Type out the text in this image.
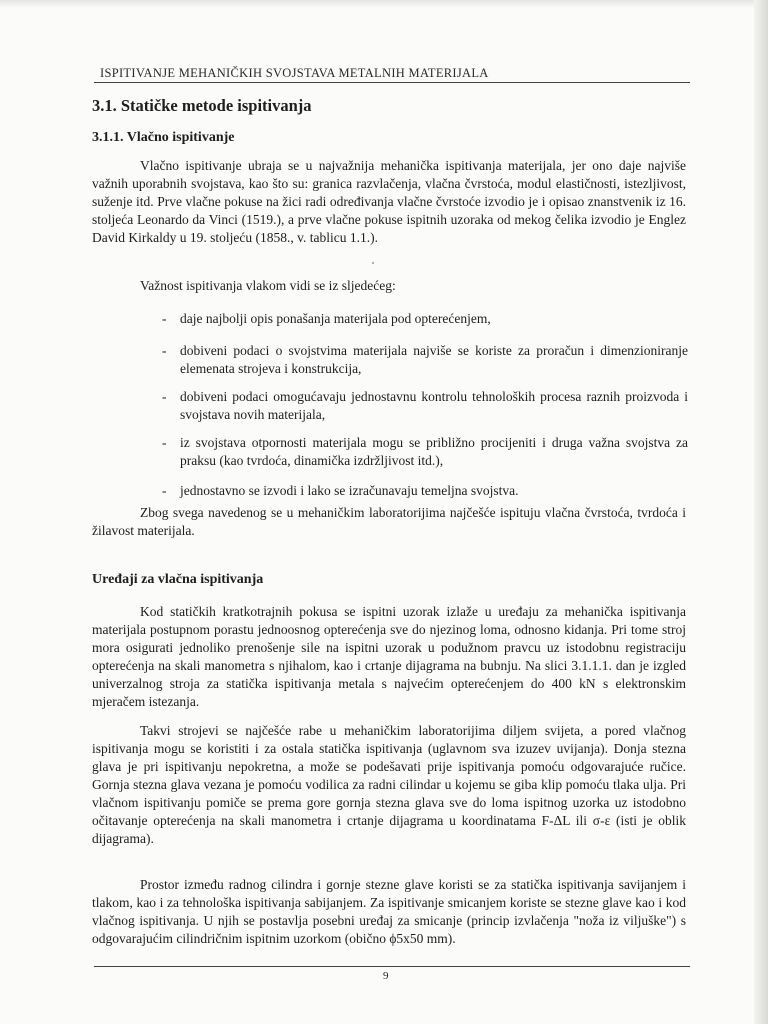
ISPITIVANJE MEHANIČKIH SVOJSTAVA METALNIH MATERIJALA
3.1. Statičke metode ispitivanja
3.1.1. Vlačno ispitivanje

Vlačno ispitivanje ubraja se u najvažnija mehanička ispitivanja materijala, jer ono daje najviše važnih uporabnih svojstava, kao što su: granica razvlačenja, vlačna čvrstoća, modul elastičnosti, istezljivost, suženje itd. Prve vlačne pokuse na žici radi određivanja vlačne čvrstoće izvodio je i opisao znanstvenik iz 16. stoljeća Leonardo da Vinci (1519.), a prve vlačne pokuse ispitnih uzoraka od mekog čelika izvodio je Englez David Kirkaldy u 19. stoljeću (1858., v. tablicu 1.1.).

Važnost ispitivanja vlakom vidi se iz sljedećeg:

- daje najbolji opis ponašanja materijala pod opterećenjem,
- dobiveni podaci o svojstvima materijala najviše se koriste za proračun i dimenzioniranje elemenata strojeva i konstrukcija,
- dobiveni podaci omogućavaju jednostavnu kontrolu tehnoloških procesa raznih proizvoda i svojstava novih materijala,
- iz svojstava otpornosti materijala mogu se približno procijeniti i druga važna svojstva za praksu (kao tvrdoća, dinamička izdržljivost itd.),
- jednostavno se izvodi i lako se izračunavaju temeljna svojstva.

Zbog svega navedenog se u mehaničkim laboratorijima najčešće ispituju vlačna čvrstoća, tvrdoća i žilavost materijala.

Uređaji za vlačna ispitivanja

Kod statičkih kratkotrajnih pokusa se ispitni uzorak izlaže u uređaju za mehanička ispitivanja materijala postupnom porastu jednoosnog opterećenja sve do njezinog loma, odnosno kidanja. Pri tome stroj mora osigurati jednoliko prenošenje sile na ispitni uzorak u podužnom pravcu uz istodobnu registraciju opterećenja na skali manometra s njihalom, kao i crtanje dijagrama na bubnju. Na slici 3.1.1.1. dan je izgled univerzalnog stroja za statička ispitivanja metala s najvećim opterećenjem do 400 kN s elektronskim mjeračem istezanja.

Takvi strojevi se najčešće rabe u mehaničkim laboratorijima diljem svijeta, a pored vlačnog ispitivanja mogu se koristiti i za ostala statička ispitivanja (uglavnom sva izuzev uvijanja). Donja stezna glava je pri ispitivanju nepokretna, a može se podešavati prije ispitivanja pomoću odgovarajuće ručice. Gornja stezna glava vezana je pomoću vodilica za radni cilindar u kojemu se giba klip pomoću tlaka ulja. Pri vlačnom ispitivanju pomiče se prema gore gornja stezna glava sve do loma ispitnog uzorka uz istodobno očitavanje opterećenja na skali manometra i crtanje dijagrama u koordinatama F-ΔL ili σ-ε (isti je oblik dijagrama).

Prostor između radnog cilindra i gornje stezne glave koristi se za statička ispitivanja savijanjem i tlakom, kao i za tehnološka ispitivanja sabijanjem. Za ispitivanje smicanjem koriste se stezne glave kao i kod vlačnog ispitivanja. U njih se postavlja posebni uređaj za smicanje (princip izvlačenja "noža iz viljuške") s odgovarajućim cilindričnim ispitnim uzorkom (obično ϕ5x50 mm).

9
